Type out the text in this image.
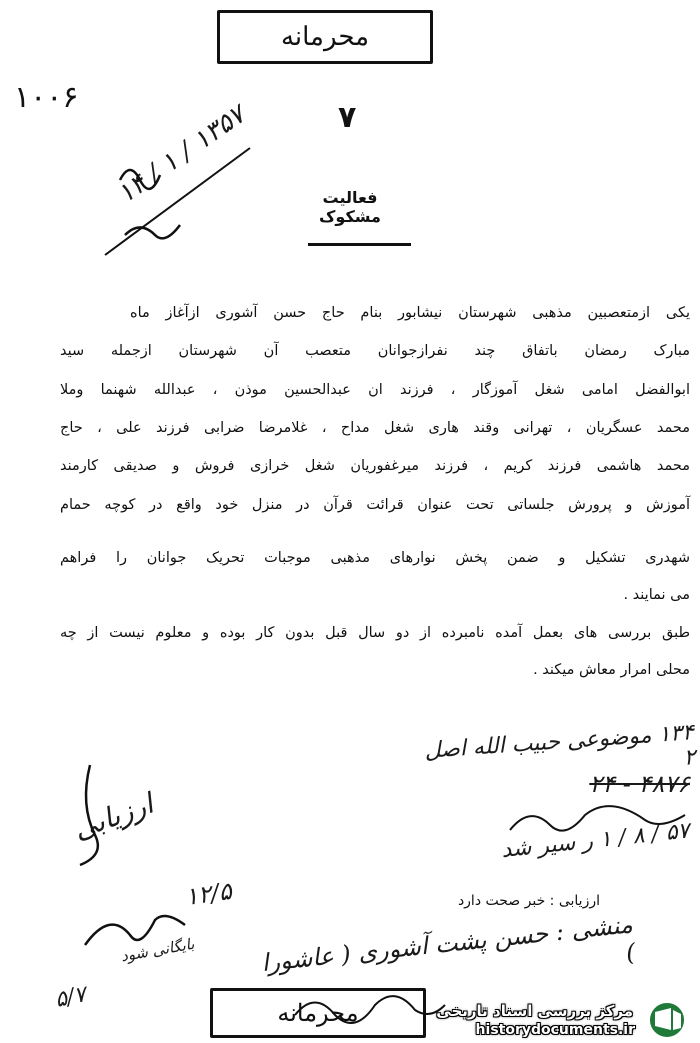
محرمانه
۱۰۰۶
۷
۱۴ / ۱ / ۱۳۵۷	فعالیت مشکوک
یکی ازمتعصبین مذهبی شهرستان نیشابور بنام حاج حسن آشوری ازآغاز ماه
مبارک رمضان باتفاق چند نفرازجوانان متعصب آن شهرستان ازجمله سید
ابوالفضل امامی شغل آموزگار ، فرزند ان عبدالحسین موذن ، عبدالله شهنما وملا
محمد عسگریان ، تهرانی وقند هاری شغل مداح ، غلامرضا ضرابی فرزند علی ، حاج
محمد هاشمی فرزند کریم ، فرزند میرغفوریان شغل خرازی فروش و صدیقی کارمند
آموزش و پرورش جلساتی تحت عنوان قرائت قرآن در منزل خود واقع در کوچه حمام
شهدری تشکیل و ضمن پخش نوارهای مذهبی موجبات تحریک جوانان را فراهم
می نمایند .
طبق بررسی های بعمل آمده نامبرده از دو سال قبل بدون کار بوده و معلوم نیست از چه
محلی امرار معاش میکند .
۱۳۴ موضوعی حبیب الله اصل ۲
۴۸۷۶ - ۲۴
۵۷ / ۸ / ۱ ر سیر شد
ارزیابی
ارزیابی : خبر صحت دارد
۱۲/۵
بایگانی شود
۵/۷
منشی : حسن پشت آشوری ( عاشورا )
محرمانه	مرکز بررسی اسناد تاریخی
historydocuments.ir
